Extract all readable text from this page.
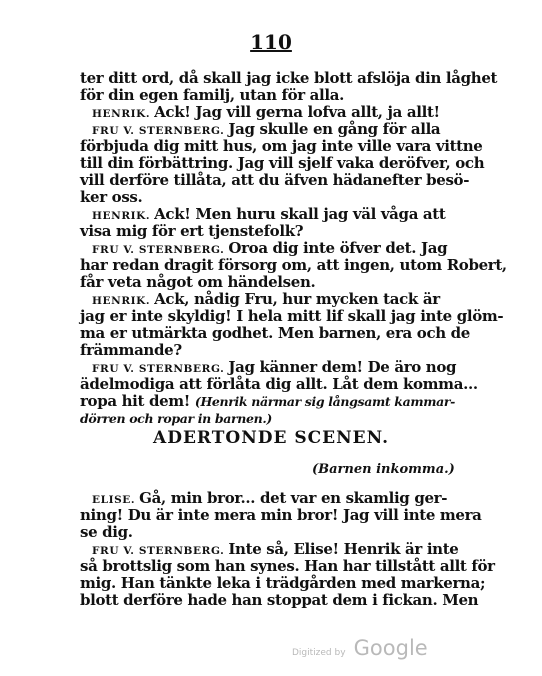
110
ter ditt ord, då skall jag icke blott afslöja din låghet
för din egen familj, utan för alla.
HENRIK. Ack! Jag vill gerna lofva allt, ja allt!
FRU V. STERNBERG. Jag skulle en gång för alla
förbjuda dig mitt hus, om jag inte ville vara vittne
till din förbättring. Jag vill sjelf vaka deröfver, och
vill derföre tillåta, att du äfven hädanefter besö-
ker oss.
HENRIK. Ack! Men huru skall jag väl våga att
visa mig för ert tjenstefolk?
FRU V. STERNBERG. Oroa dig inte öfver det. Jag
har redan dragit försorg om, att ingen, utom Robert,
får veta något om händelsen.
HENRIK. Ack, nådig Fru, hur mycken tack är
jag er inte skyldig! I hela mitt lif skall jag inte glöm-
ma er utmärkta godhet. Men barnen, era och de
främmande?
FRU V. STERNBERG. Jag känner dem! De äro nog
ädelmodiga att förlåta dig allt. Låt dem komma...
ropa hit dem! (Henrik närmar sig långsamt kammar-
dörren och ropar in barnen.)
ADERTONDE SCENEN.
(Barnen inkomma.)
ELISE. Gå, min bror... det var en skamlig ger-
ning! Du är inte mera min bror! Jag vill inte mera
se dig.
FRU V. STERNBERG. Inte så, Elise! Henrik är inte
så brottslig som han synes. Han har tillstått allt för
mig. Han tänkte leka i trädgården med markerna;
blott derföre hade han stoppat dem i fickan. Men
Digitized by Google
